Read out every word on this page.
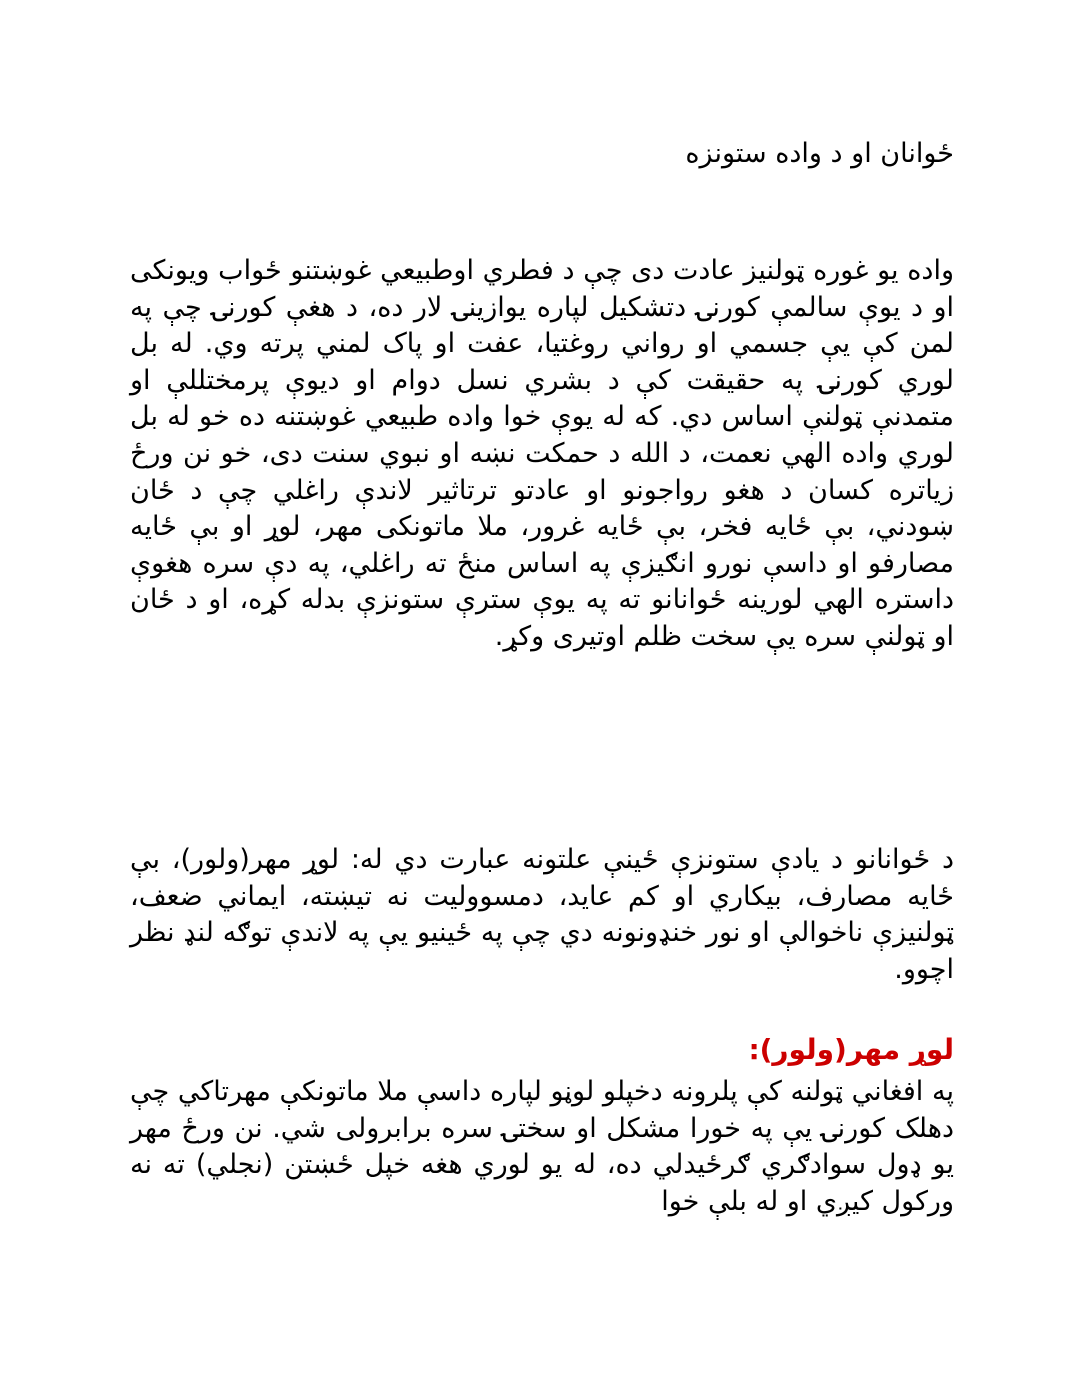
ځوانان او د واده ستونزه

واده یو غوره ټولنیز عادت دی چې د فطري اوطبیعي غوښتنو ځواب ویونکی او د یوې سالمې کورنۍ دتشکیل لپاره یوازینۍ لار ده، د هغې کورنۍ چې په لمن کې یې جسمي او رواني روغتیا، عفت او پاک لمني پرته وي. له بل لوري کورنۍ په حقیقت کې د بشري نسل دوام او دیوې پرمختللې او متمدنې ټولنې اساس دي. که له یوې خوا واده طبیعي غوښتنه ده خو له بل لوري واده الهي نعمت، د الله د حمکت نښه او نبوي سنت دی، خو نن ورځ زیاتره کسان د هغو رواجونو او عادتو ترتاثیر لاندې راغلي چې د ځان ښودني، بې ځایه فخر، بې ځایه غرور، ملا ماتونکی مهر، لوړ او بې ځایه مصارفو او داسې نورو انګیزې په اساس منځ ته راغلي، په دې سره هغوې داستره الهي لورینه ځوانانو ته په یوې سترې ستونزې بدله کړه، او د ځان او ټولنې سره یې سخت ظلم اوتیری وکړ.

د ځوانانو د یادې ستونزې ځینې علتونه عبارت دي له: لوړ مهر(ولور)، بې ځایه مصارف، بیکاري او کم عاید، دمسوولیت نه تیښته، ایماني ضعف، ټولنیزې ناخوالې او نور خنډونونه دي چې په ځینیو یې په لاندې توګه لنډ نظر اچوو.

لوړ مهر(ولور):

په افغاني ټولنه کې پلرونه دخپلو لوڼو لپاره داسې ملا ماتونکې مهرتاکي چې دهلک کورنۍ یې په خورا مشکل او سختۍ سره برابرولی شي. نن ورځ مهر یو ډول سوادګري ګرځیدلي ده، له یو لوري هغه خپل ځښتن (نجلي) ته نه ورکول کیږي او له بلې خوا
